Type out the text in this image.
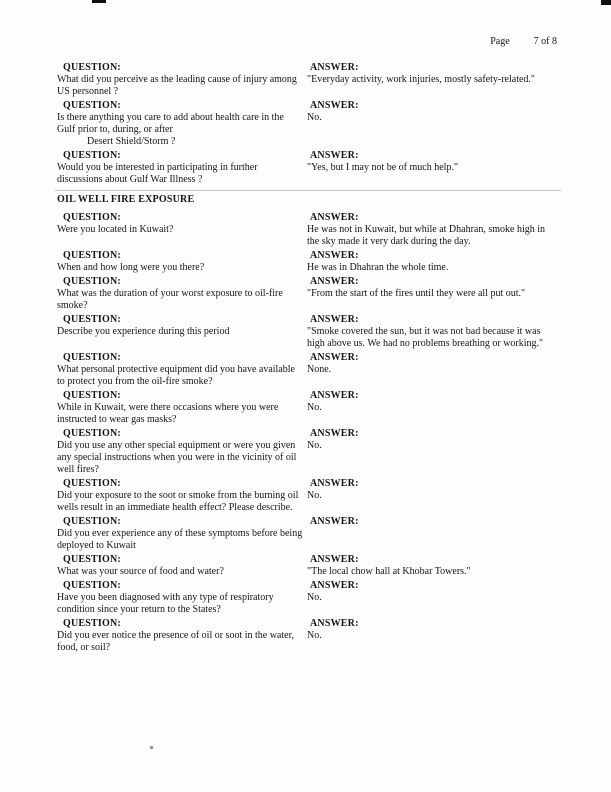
Page 7 of 8
QUESTION:
What did you perceive as the leading cause of injury among US personnel ?
ANSWER:
"Everyday activity, work injuries, mostly safety-related."
QUESTION:
Is there anything you care to add about health care in the Gulf prior to, during, or after
Desert Shield/Storm ?
ANSWER:
No.
QUESTION:
Would you be interested in participating in further discussions about Gulf War Illness ?
ANSWER:
"Yes, but I may not be of much help."
OIL WELL FIRE EXPOSURE
QUESTION:
Were you located in Kuwait?
ANSWER:
He was not in Kuwait, but while at Dhahran, smoke high in the sky made it very dark during the day.
QUESTION:
When and how long were you there?
ANSWER:
He was in Dhahran the whole time.
QUESTION:
What was the duration of your worst exposure to oil-fire smoke?
ANSWER:
"From the start of the fires until they were all put out."
QUESTION:
Describe you experience during this period
ANSWER:
"Smoke covered the sun, but it was not bad because it was high above us. We had no problems breathing or working."
QUESTION:
What personal protective equipment did you have available to protect you from the oil-fire smoke?
ANSWER:
None.
QUESTION:
While in Kuwait, were there occasions where you were instructed to wear gas masks?
ANSWER:
No.
QUESTION:
Did you use any other special equipment or were you given any special instructions when you were in the vicinity of oil well fires?
ANSWER:
No.
QUESTION:
Did your exposure to the soot or smoke from the burning oil wells result in an immediate health effect? Please describe.
ANSWER:
No.
QUESTION:
Did you ever experience any of these symptoms before being deployed to Kuwait
ANSWER:
QUESTION:
What was your source of food and water?
ANSWER:
"The local chow hall at Khobar Towers."
QUESTION:
Have you been diagnosed with any type of respiratory condition since your return to the States?
ANSWER:
No.
QUESTION:
Did you ever notice the presence of oil or soot in the water, food, or soil?
ANSWER:
No.
